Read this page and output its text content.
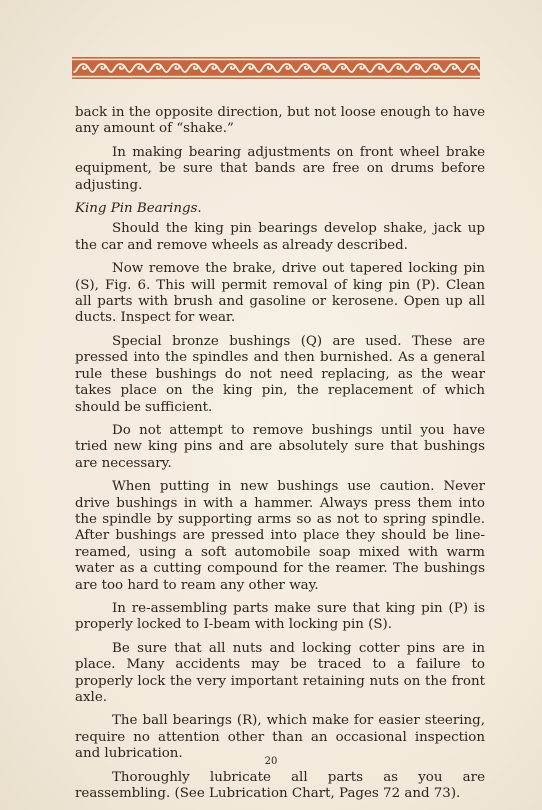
back in the opposite direction, but not loose enough to have any amount of “shake.”

In making bearing adjustments on front wheel brake equipment, be sure that bands are free on drums before adjusting.

King Pin Bearings.

Should the king pin bearings develop shake, jack up the car and remove wheels as already described.

Now remove the brake, drive out tapered locking pin (S), Fig. 6. This will permit removal of king pin (P). Clean all parts with brush and gasoline or kerosene. Open up all ducts. Inspect for wear.

Special bronze bushings (Q) are used. These are pressed into the spindles and then burnished. As a general rule these bushings do not need replacing, as the wear takes place on the king pin, the replacement of which should be sufficient.

Do not attempt to remove bushings until you have tried new king pins and are absolutely sure that bushings are necessary.

When putting in new bushings use caution. Never drive bushings in with a hammer. Always press them into the spindle by supporting arms so as not to spring spindle. After bushings are pressed into place they should be line-reamed, using a soft automobile soap mixed with warm water as a cutting compound for the reamer. The bushings are too hard to ream any other way.

In re-assembling parts make sure that king pin (P) is properly locked to I-beam with locking pin (S).

Be sure that all nuts and locking cotter pins are in place. Many accidents may be traced to a failure to properly lock the very important retaining nuts on the front axle.

The ball bearings (R), which make for easier steering, require no attention other than an occasional inspection and lubrication.

Thoroughly lubricate all parts as you are reassembling. (See Lubrication Chart, Pages 72 and 73).

20
